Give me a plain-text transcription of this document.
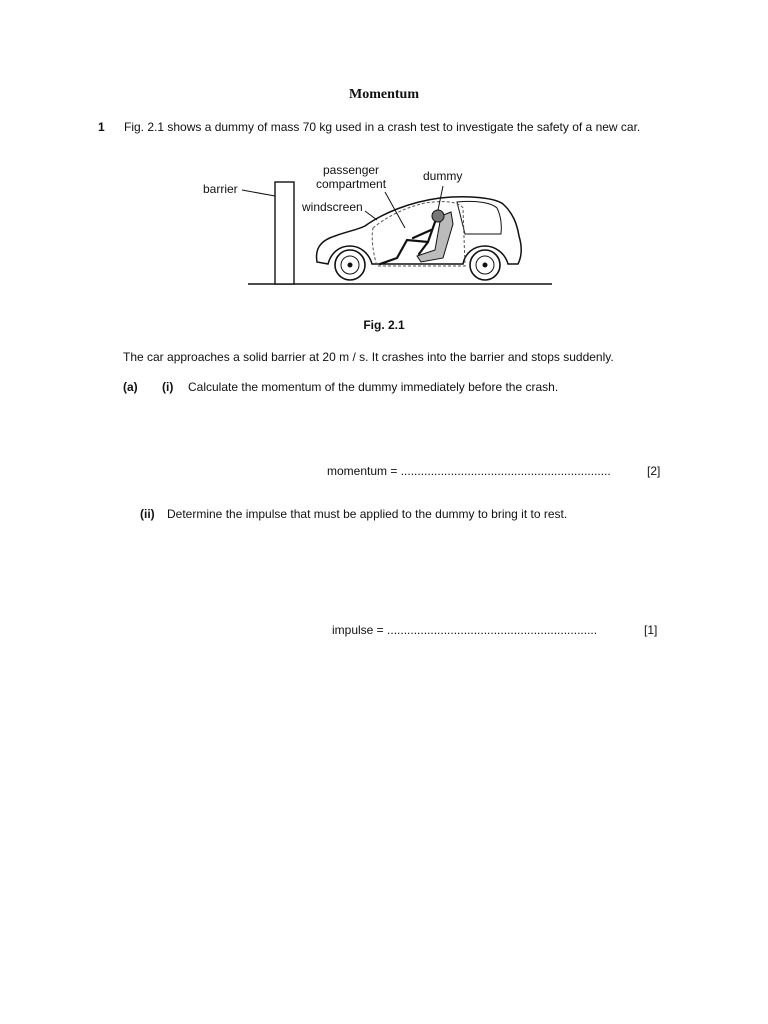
Momentum
1 Fig. 2.1 shows a dummy of mass 70 kg used in a crash test to investigate the safety of a new car.
barrier
passenger
compartment
dummy
windscreen
Fig. 2.1
The car approaches a solid barrier at 20 m / s. It crashes into the barrier and stops suddenly.
(a) (i) Calculate the momentum of the dummy immediately before the crash.
momentum = ...............................................................	[2]
(ii) Determine the impulse that must be applied to the dummy to bring it to rest.
impulse = ...............................................................	[1]
